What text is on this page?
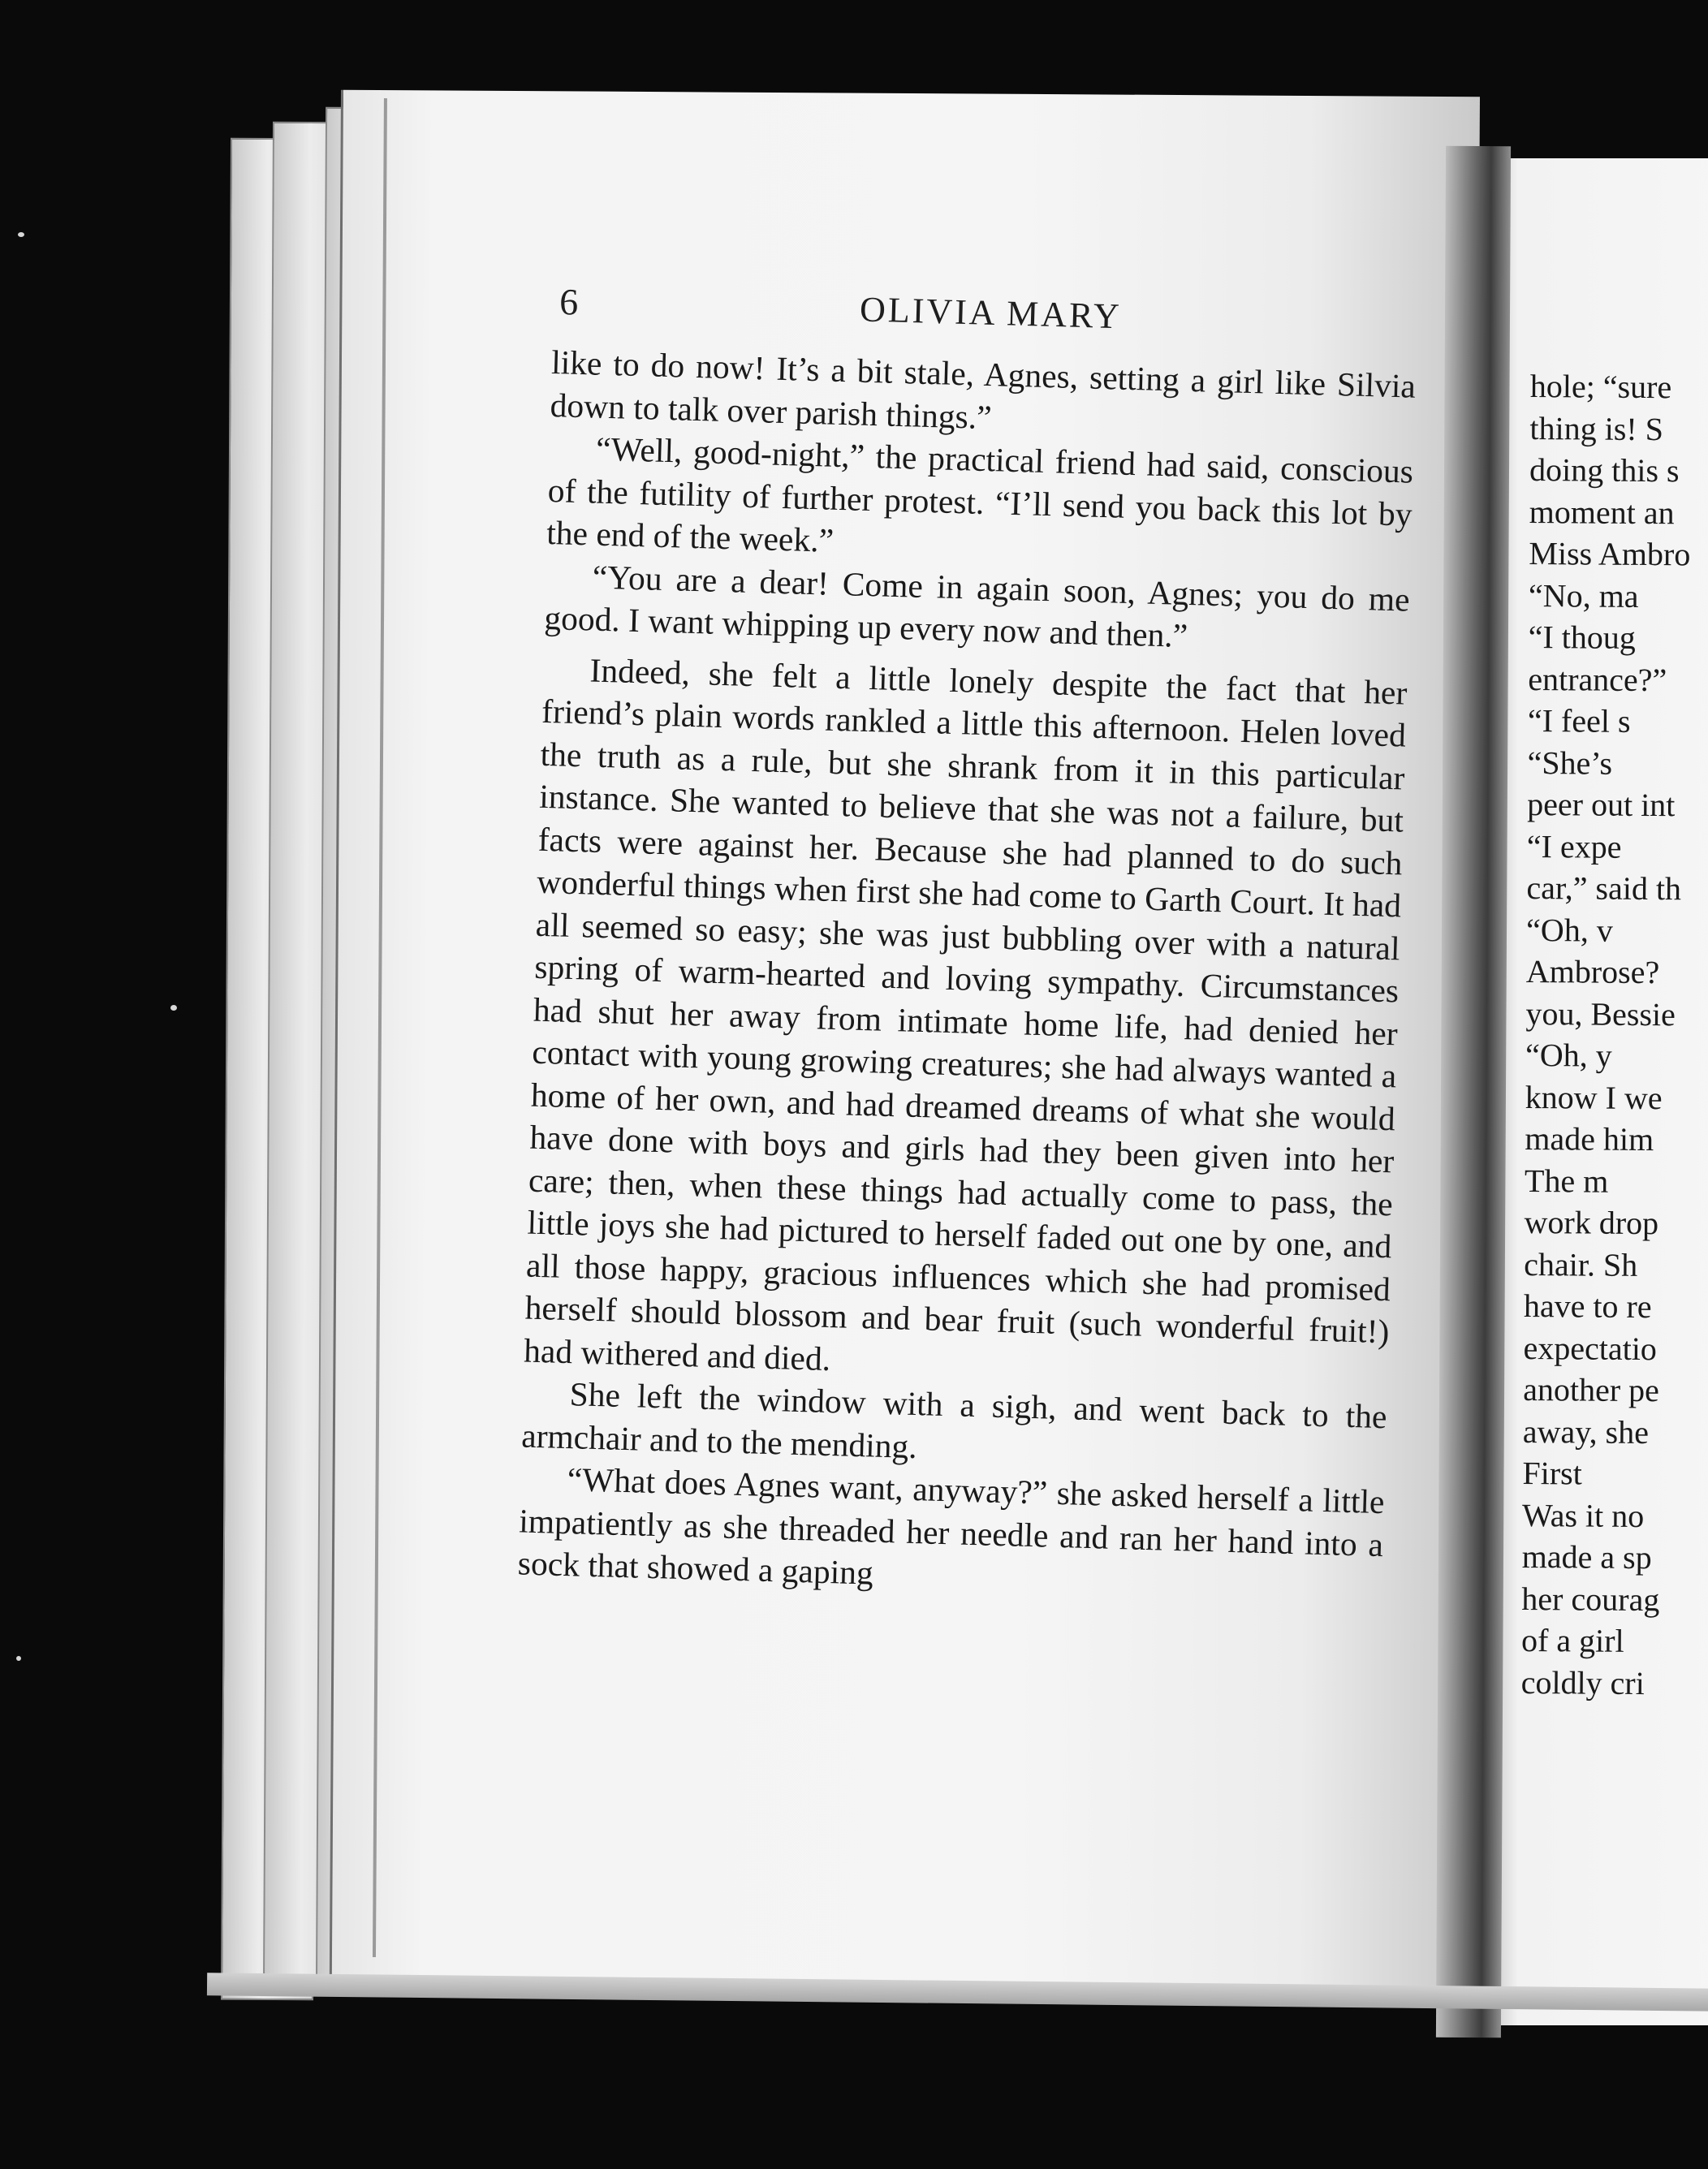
6	OLIVIA MARY

like to do now! It’s a bit stale, Agnes, setting a girl like Silvia down to talk over parish things.”

“Well, good-night,” the practical friend had said, conscious of the futility of further protest. “I’ll send you back this lot by the end of the week.”

“You are a dear! Come in again soon, Agnes; you do me good. I want whipping up every now and then.”

Indeed, she felt a little lonely despite the fact that her friend’s plain words rankled a little this afternoon. Helen loved the truth as a rule, but she shrank from it in this particular instance. She wanted to believe that she was not a failure, but facts were against her. Because she had planned to do such wonderful things when first she had come to Garth Court. It had all seemed so easy; she was just bubbling over with a natural spring of warm-hearted and loving sympathy. Circumstances had shut her away from intimate home life, had denied her contact with young growing creatures; she had always wanted a home of her own, and had dreamed dreams of what she would have done with boys and girls had they been given into her care; then, when these things had actually come to pass, the little joys she had pictured to herself faded out one by one, and all those happy, gracious influences which she had promised herself should blossom and bear fruit (such wonderful fruit!) had withered and died.

She left the window with a sigh, and went back to the armchair and to the mending.

“What does Agnes want, anyway?” she asked herself a little impatiently as she threaded her needle and ran her hand into a sock that showed a gaping

hole; “sure
thing is! S
doing this s
moment an
Miss Ambro
“No, ma
“I thoug
entrance?”
“I feel s
“She’s
peer out int
“I expe
car,” said th
“Oh, v
Ambrose?
you, Bessie
“Oh, y
know I we
made him
The m
work drop
chair. Sh
have to re
expectatio
another pe
away, she
First
Was it no
made a sp
her courag
of a girl
coldly cri
